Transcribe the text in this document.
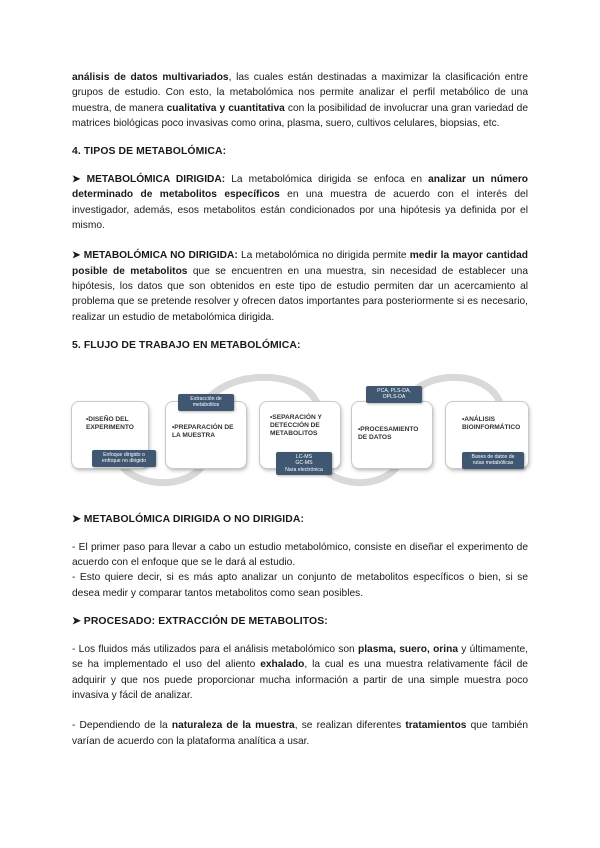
análisis de datos multivariados, las cuales están destinadas a maximizar la clasificación entre grupos de estudio. Con esto, la metabolómica nos permite analizar el perfil metabólico de una muestra, de manera cualitativa y cuantitativa con la posibilidad de involucrar una gran variedad de matrices biológicas poco invasivas como orina, plasma, suero, cultivos celulares, biopsias, etc.

4. TIPOS DE METABOLÓMICA:

➤ METABOLÓMICA DIRIGIDA: La metabolómica dirigida se enfoca en analizar un número determinado de metabolitos específicos en una muestra de acuerdo con el interés del investigador, además, esos metabolitos están condicionados por una hipótesis ya definida por el mismo.

➤ METABOLÓMICA NO DIRIGIDA: La metabolómica no dirigida permite medir la mayor cantidad posible de metabolitos que se encuentren en una muestra, sin necesidad de establecer una hipótesis, los datos que son obtenidos en este tipo de estudio permiten dar un acercamiento al problema que se pretende resolver y ofrecen datos importantes para posteriormente si es necesario, realizar un estudio de metabolómica dirigida.

5. FLUJO DE TRABAJO EN METABOLÓMICA:

➤ METABOLÓMICA DIRIGIDA O NO DIRIGIDA:

- El primer paso para llevar a cabo un estudio metabolómico, consiste en diseñar el experimento de acuerdo con el enfoque que se le dará al estudio.

- Esto quiere decir, si es más apto analizar un conjunto de metabolitos específicos o bien, si se desea medir y comparar tantos metabolitos como sean posibles.

➤ PROCESADO: EXTRACCIÓN DE METABOLITOS:

- Los fluidos más utilizados para el análisis metabolómico son plasma, suero, orina y últimamente, se ha implementado el uso del aliento exhalado, la cual es una muestra relativamente fácil de adquirir y que nos puede proporcionar mucha información a partir de una simple muestra poco invasiva y fácil de analizar.

- Dependiendo de la naturaleza de la muestra, se realizan diferentes tratamientos que también varían de acuerdo con la plataforma analítica a usar.

•DISEÑO DEL
EXPERIMENTO	•PREPARACIÓN DE
LA MUESTRA
•SEPARACIÓN Y
DETECCIÓN DE
METABOLITOS
•PROCESAMIENTO
DE DATOS
•ANÁLISIS
BIOINFORMÁTICO
Enfoque dirigido o
enfoque no dirigido
Extracción de
metabolitos
LC-MS
GC-MS
Nara electrónica
PCA, PLS-DA,
OPLS-DA
Bases de datos de
rutas metabólicas
